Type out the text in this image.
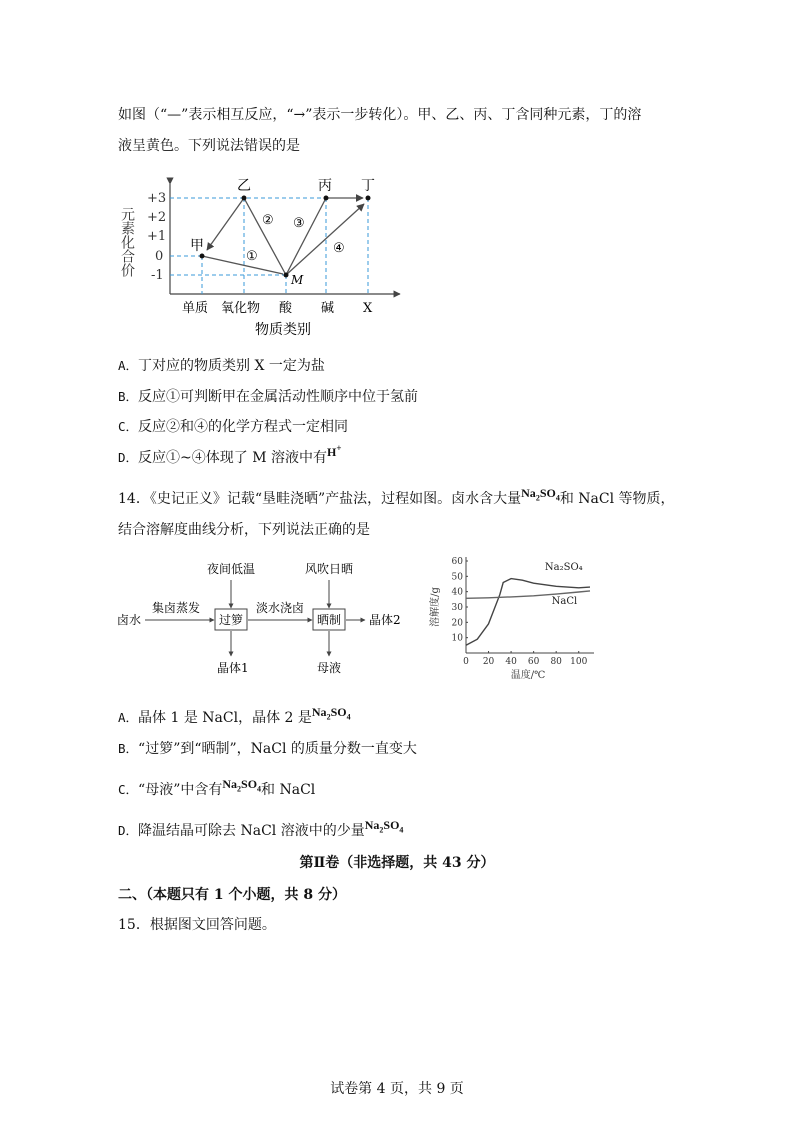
如图（“—”表示相互反应，“→”表示一步转化）。甲、乙、丙、丁含同种元素，丁的溶
液呈黄色。下列说法错误的是
元素化合价
+3
+2
+1
0
-1
甲
乙	丙 丁
M
①
② ③
④
单质 氧化物 酸 碱 X
物质类别
A．丁对应的物质类别 X 一定为盐
B．反应①可判断甲在金属活动性顺序中位于氢前
C．反应②和④的化学方程式一定相同
D．反应①~④体现了 M 溶液中有H+
14．《史记正义》记载“垦畦浇晒”产盐法，过程如图。卤水含大量$Na_2SO_4$和 NaCl 等物质，
结合溶解度曲线分析，下列说法正确的是
卤水
集卤蒸发
过箩
夜间低温
晶体1
淡水浇卤
晒制
风吹日晒
母液
晶体2
0 20 40 60 80 100
10
20
30
40
50
60
温度/℃
溶解度/g
Na₂SO₄
NaCl
A．晶体 1 是 NaCl，晶体 2 是$Na_2SO_4$
B．“过箩”到“晒制”，NaCl 的质量分数一直变大
C．“母液”中含有$Na_2SO_4$和 NaCl
D．降温结晶可除去 NaCl 溶液中的少量$Na_2SO_4$
第Ⅱ卷（非选择题，共 43 分）
二、（本题只有 1 个小题，共 8 分）
15．根据图文回答问题。
试卷第 4 页，共 9 页
